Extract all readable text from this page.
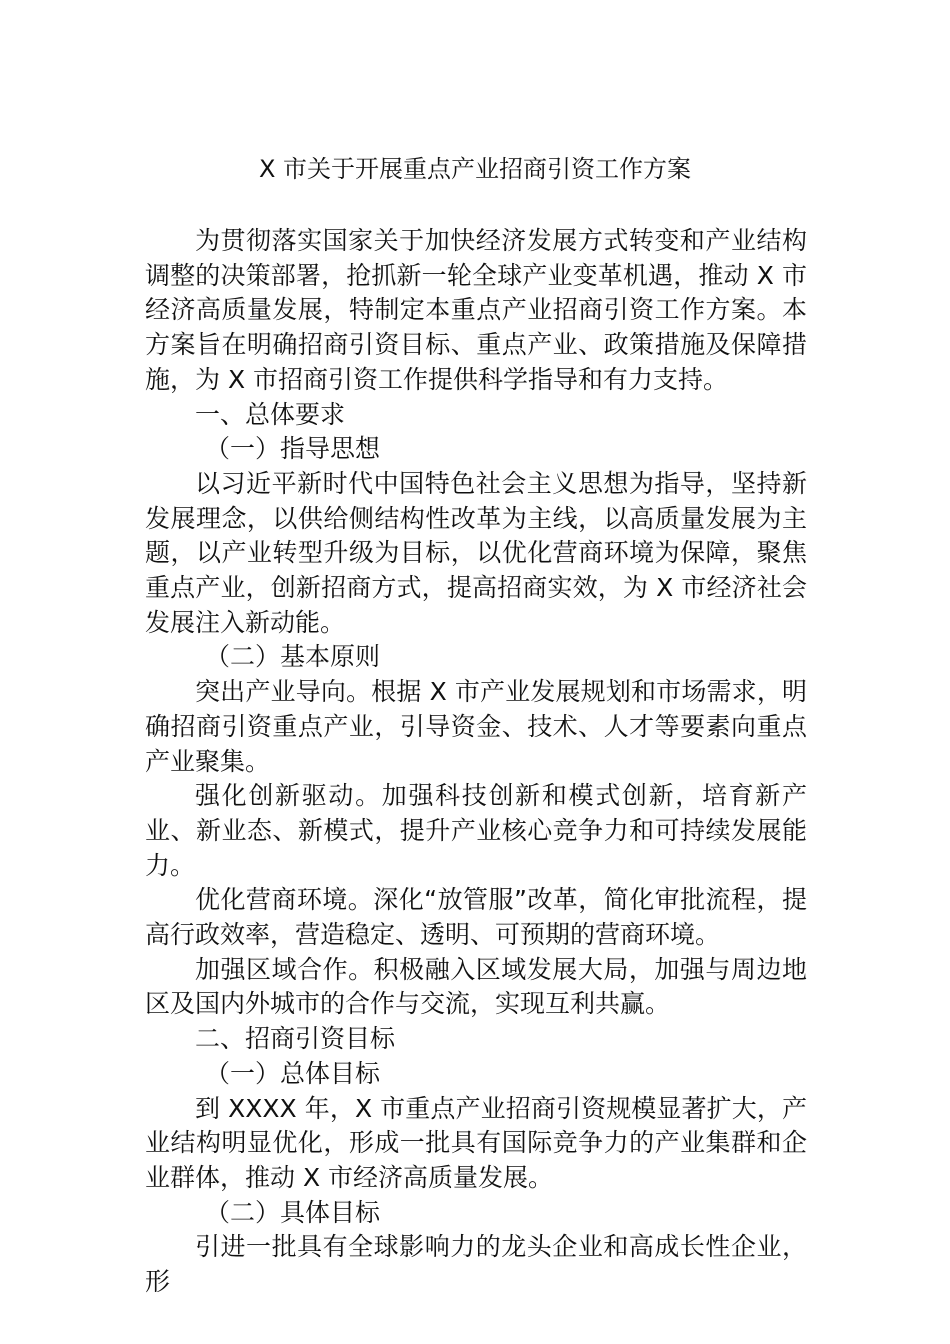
X 市关于开展重点产业招商引资工作方案

为贯彻落实国家关于加快经济发展方式转变和产业结构调整的决策部署，抢抓新一轮全球产业变革机遇，推动 X 市经济高质量发展，特制定本重点产业招商引资工作方案。本方案旨在明确招商引资目标、重点产业、政策措施及保障措施，为 X 市招商引资工作提供科学指导和有力支持。

一、总体要求

（一）指导思想

以习近平新时代中国特色社会主义思想为指导，坚持新发展理念，以供给侧结构性改革为主线，以高质量发展为主题，以产业转型升级为目标，以优化营商环境为保障，聚焦重点产业，创新招商方式，提高招商实效，为 X 市经济社会发展注入新动能。

（二）基本原则

突出产业导向。根据 X 市产业发展规划和市场需求，明确招商引资重点产业，引导资金、技术、人才等要素向重点产业聚集。

强化创新驱动。加强科技创新和模式创新，培育新产业、新业态、新模式，提升产业核心竞争力和可持续发展能力。

优化营商环境。深化“放管服”改革，简化审批流程，提高行政效率，营造稳定、透明、可预期的营商环境。

加强区域合作。积极融入区域发展大局，加强与周边地区及国内外城市的合作与交流，实现互利共赢。

二、招商引资目标

（一）总体目标

到 XXXX 年，X 市重点产业招商引资规模显著扩大，产业结构明显优化，形成一批具有国际竞争力的产业集群和企业群体，推动 X 市经济高质量发展。

（二）具体目标

引进一批具有全球影响力的龙头企业和高成长性企业，形
